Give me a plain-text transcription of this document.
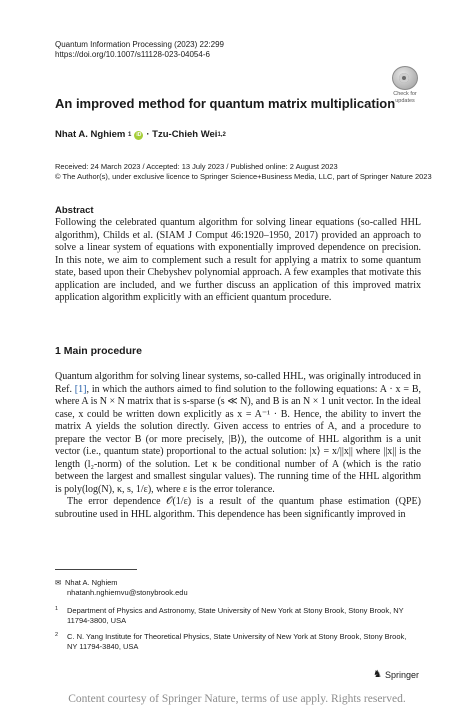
Quantum Information Processing (2023) 22:299
https://doi.org/10.1007/s11128-023-04054-6
Check for
updates
An improved method for quantum matrix multiplication
Nhat A. Nghiem
1	iD ·
Tzu-Chieh Wei 1,2
Received: 24 March 2023 / Accepted: 13 July 2023 / Published online: 2 August 2023
© The Author(s), under exclusive licence to Springer Science+Business Media, LLC, part of Springer Nature 2023
Abstract
Following the celebrated quantum algorithm for solving linear equations (so-called HHL algorithm), Childs et al. (SIAM J Comput 46:1920–1950, 2017) provided an approach to solve a linear system of equations with exponentially improved dependence on precision. In this note, we aim to complement such a result for applying a matrix to some quantum state, based upon their Chebyshev polynomial approach. A few examples that motivate this application are included, and we further discuss an application of this improved matrix application algorithm explicitly with an efficient quantum procedure.
1 Main procedure

Quantum algorithm for solving linear systems, so-called HHL, was originally introduced in Ref. [1], in which the authors aimed to find solution to the following equations: A · x = B, where A is N × N matrix that is s-sparse (s ≪ N), and B is an N × 1 unit vector. In the ideal case, x could be written down explicitly as x = A⁻¹ · B. Hence, the ability to invert the matrix A yields the solution directly. Given access to entries of A, and a procedure to prepare the vector B (or more precisely, |B⟩), the outcome of HHL algorithm is a unit vector (i.e., quantum state) proportional to the actual solution: |x⟩ = x/||x|| where ||x|| is the length (l₂-norm) of the solution. Let κ be conditional number of A (which is the ratio between the largest and smallest singular values). The running time of the HHL algorithm is poly(log(N), κ, s, 1/ε), where ε is the error tolerance.

The error dependence 𝒪(1/ε) is a result of the quantum phase estimation (QPE) subroutine used in HHL algorithm. This dependence has been significantly improved in

✉ Nhat A. Nghiem
nhatanh.nghiemvu@stonybrook.edu
1 Department of Physics and Astronomy, State University of New York at Stony Brook, Stony Brook, NY 11794-3800, USA
2 C. N. Yang Institute for Theoretical Physics, State University of New York at Stony Brook, Stony Brook, NY 11794-3840, USA
♞ Springer
Content courtesy of Springer Nature, terms of use apply. Rights reserved.
